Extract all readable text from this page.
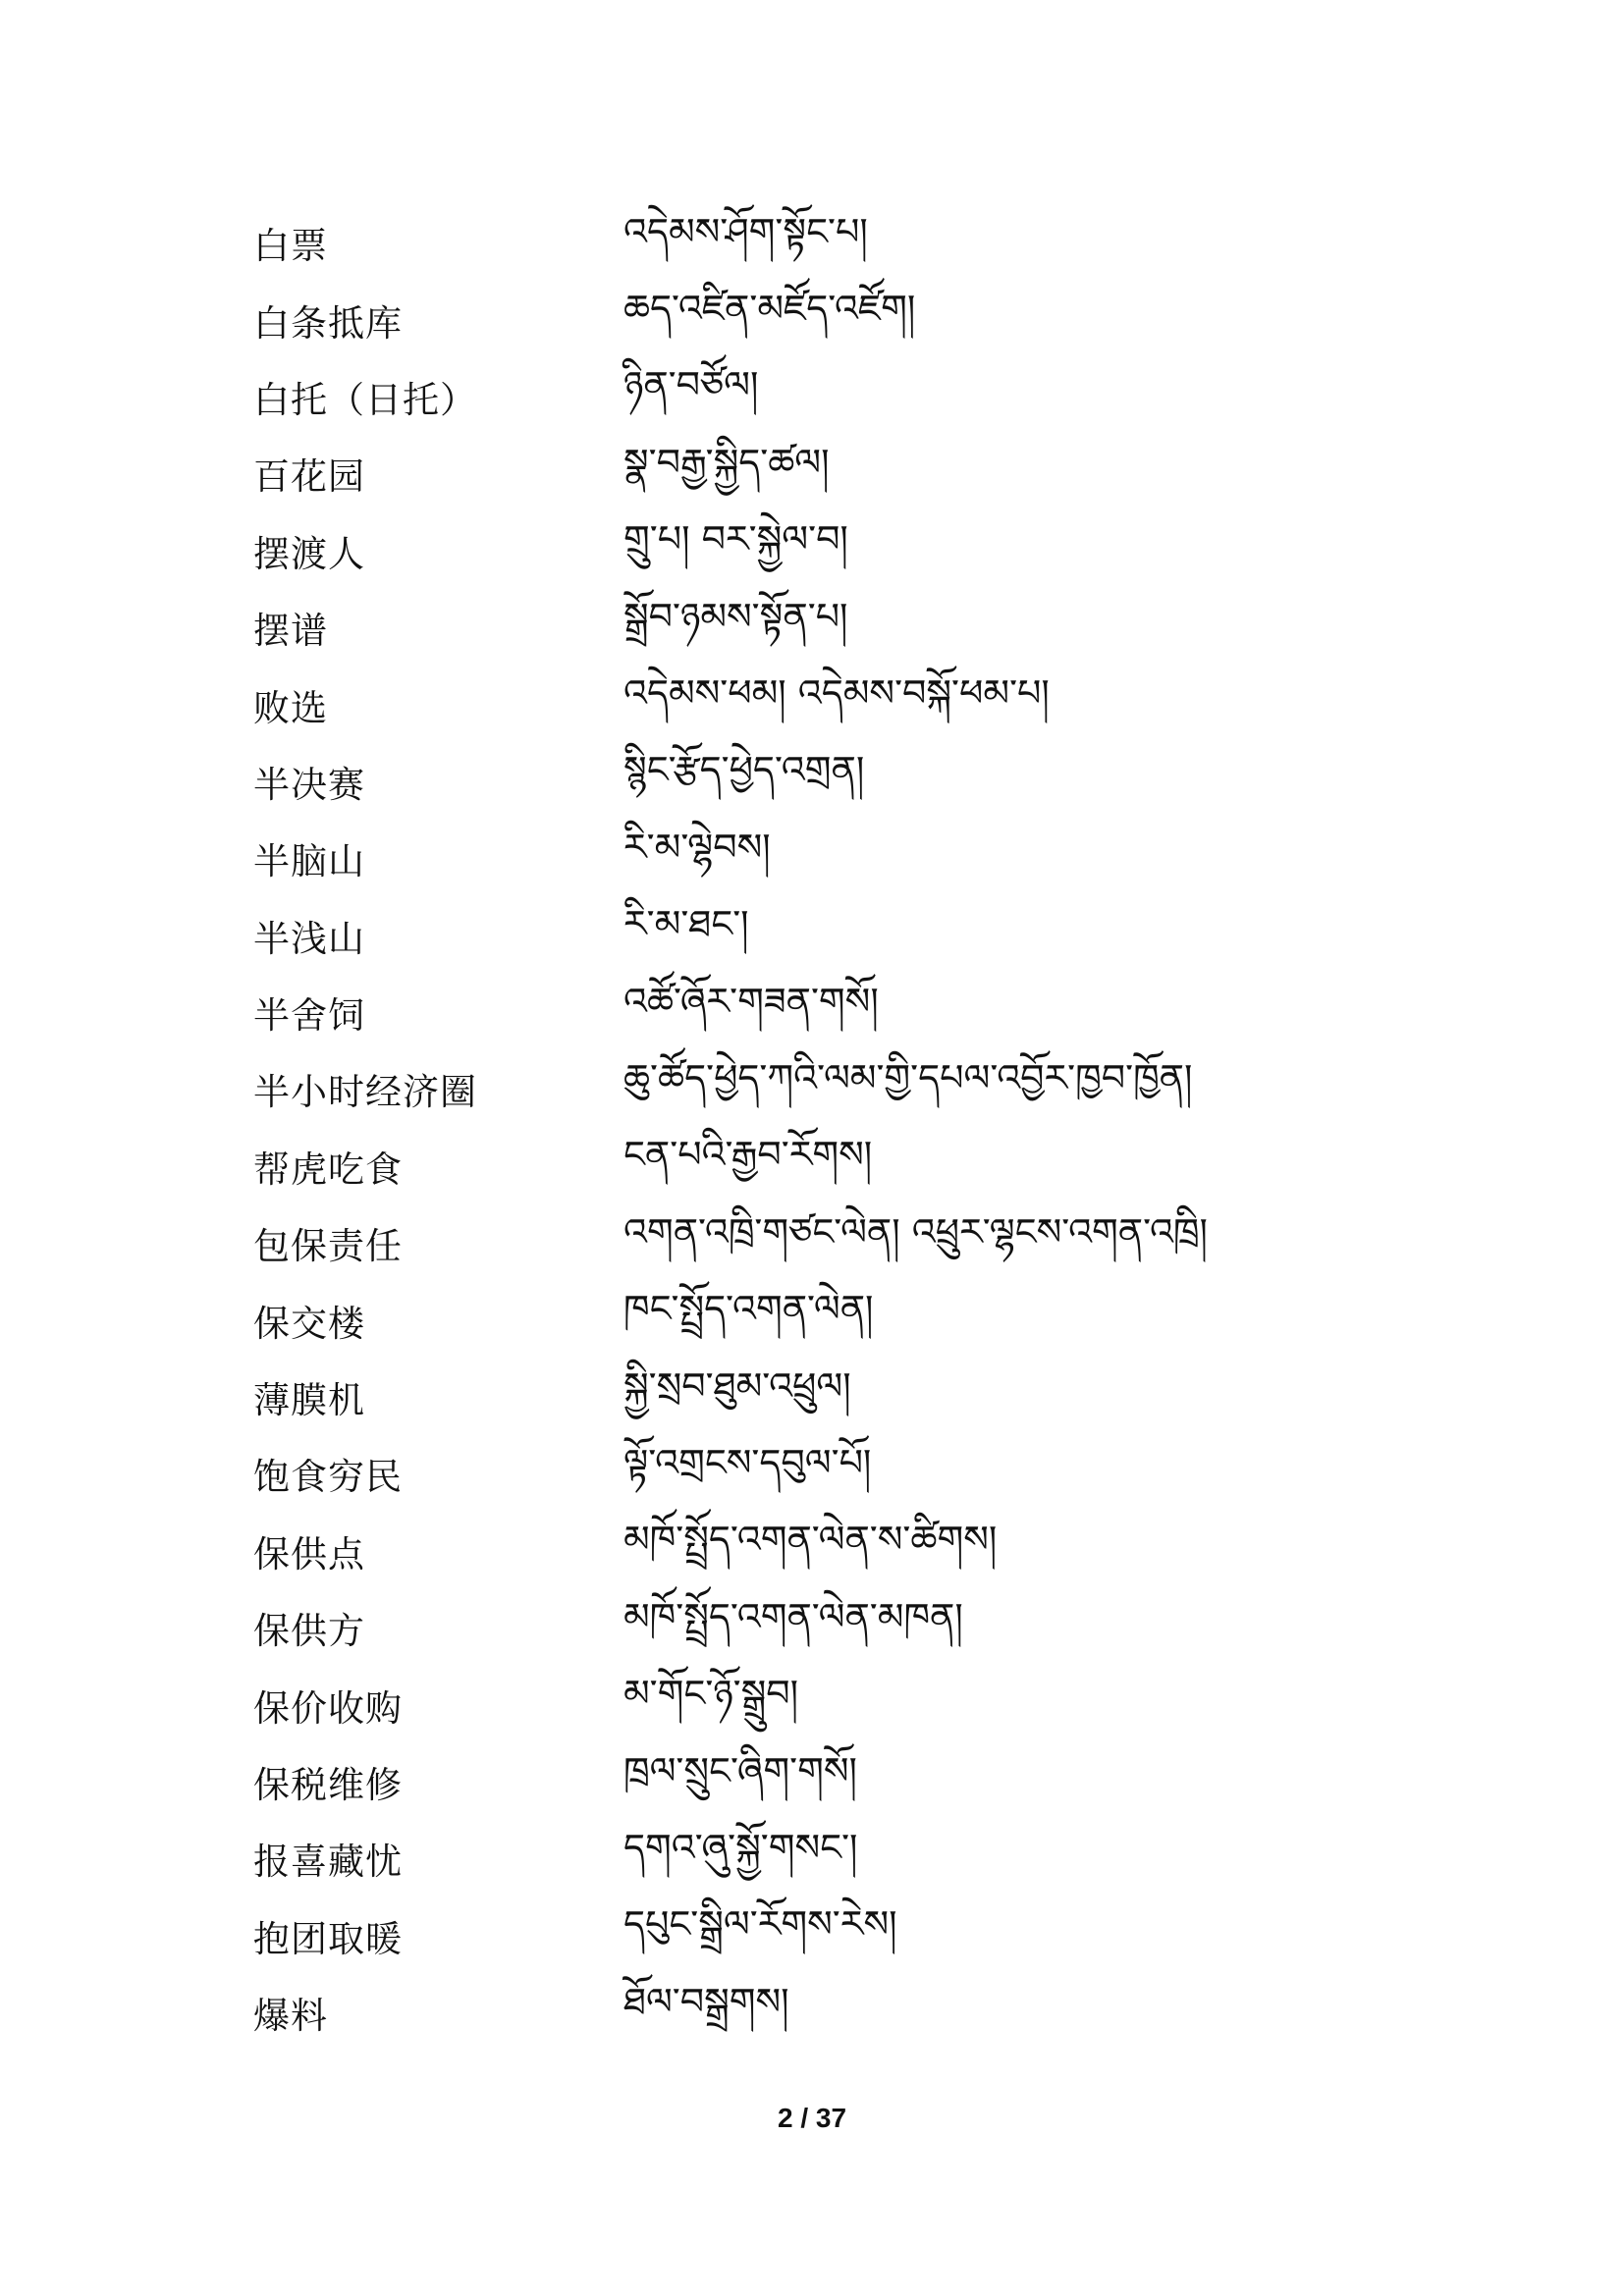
白票	འདེམས་ཤོག་སྟོང་པ།
白条抵库	ཆད་འཛིན་མཛོད་འཛོག།
白托（日托）	ཉིན་བཙོལ།
百花园	སྣ་བརྒྱ་སྐྱིད་ཚལ།
摆渡人	གྲུ་པ། བར་སྐྱེལ་བ།
摆谱	སྒྲོབ་ཉམས་སྟོན་པ།
败选	འདེམས་ཕམ། འདེམས་བསྐོ་ཕམ་པ།
半决赛	སྙིང་རྩོད་ཕྱེད་འགྲན།
半脑山	རི་མ་ལྷེབས།
半浅山	རི་མ་ཐང་།
半舍饲	འཚོ་ཞོར་གཟན་གསོ།
半小时经济圈	ཆུ་ཚོད་ཕྱེད་ཀའི་ལམ་གྱི་དཔལ་འབྱོར་ཁྱབ་ཁྱོན།
帮虎吃食	ངན་པའི་རྒྱབ་རོགས།
包保责任	འགན་འཁྲི་གཙང་ལེན། འཕྲུར་ལྷངས་འགན་འཁྲི།
保交楼	ཁང་སྤྲོད་འགན་ལེན།
薄膜机	སྐྱི་སྲབ་ཐུམ་འཕྲུལ།
饱食穷民	ལྟོ་འགྲངས་དབུལ་པོ།
保供点	མཁོ་སྤྲོད་འགན་ལེན་ས་ཚིགས།
保供方	མཁོ་སྤྲོད་འགན་ལེན་མཁན།
保价收购	མ་གོང་ཉོ་སྒྲུབ།
保税维修	ཁྲལ་སྲུང་ཞིག་གསོ།
报喜藏忧	དགའ་ཞུ་སྐྱོ་གསང་།
抱团取暖	དཔུང་སྒྲིལ་རོགས་རེས།
爆料	ཐོལ་བསྒྲགས།
2 / 37
